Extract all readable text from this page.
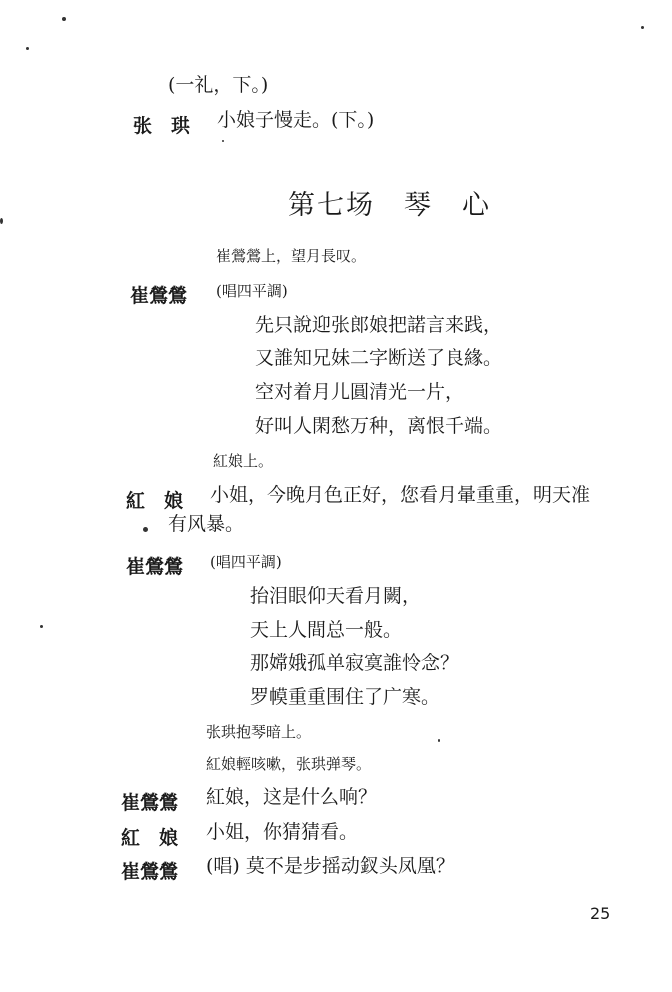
(一礼，下。)
张　珙 小娘子慢走。(下。)
第七场　琴　心
崔鶯鶯上，望月長叹。
崔鶯鶯 (唱四平調)
先只說迎张郎娘把諾言来践，
又誰知兄妹二字断送了良緣。
空对着月儿圓清光一片，
好叫人閑愁万种，离恨千端。
紅娘上。
紅　娘 小姐，今晚月色正好，您看月暈重重，明天准
有风暴。
崔鶯鶯 (唱四平調)
抬泪眼仰天看月闕，
天上人間总一般。
那嫦娥孤单寂寞誰怜念？
罗幙重重围住了广寒。
张珙抱琴暗上。
紅娘輕咳嗽，张珙弹琴。
崔鶯鶯 紅娘，这是什么响？
紅　娘 小姐，你猜猜看。
崔鶯鶯 (唱) 莫不是步摇动釵头凤凰？
25
